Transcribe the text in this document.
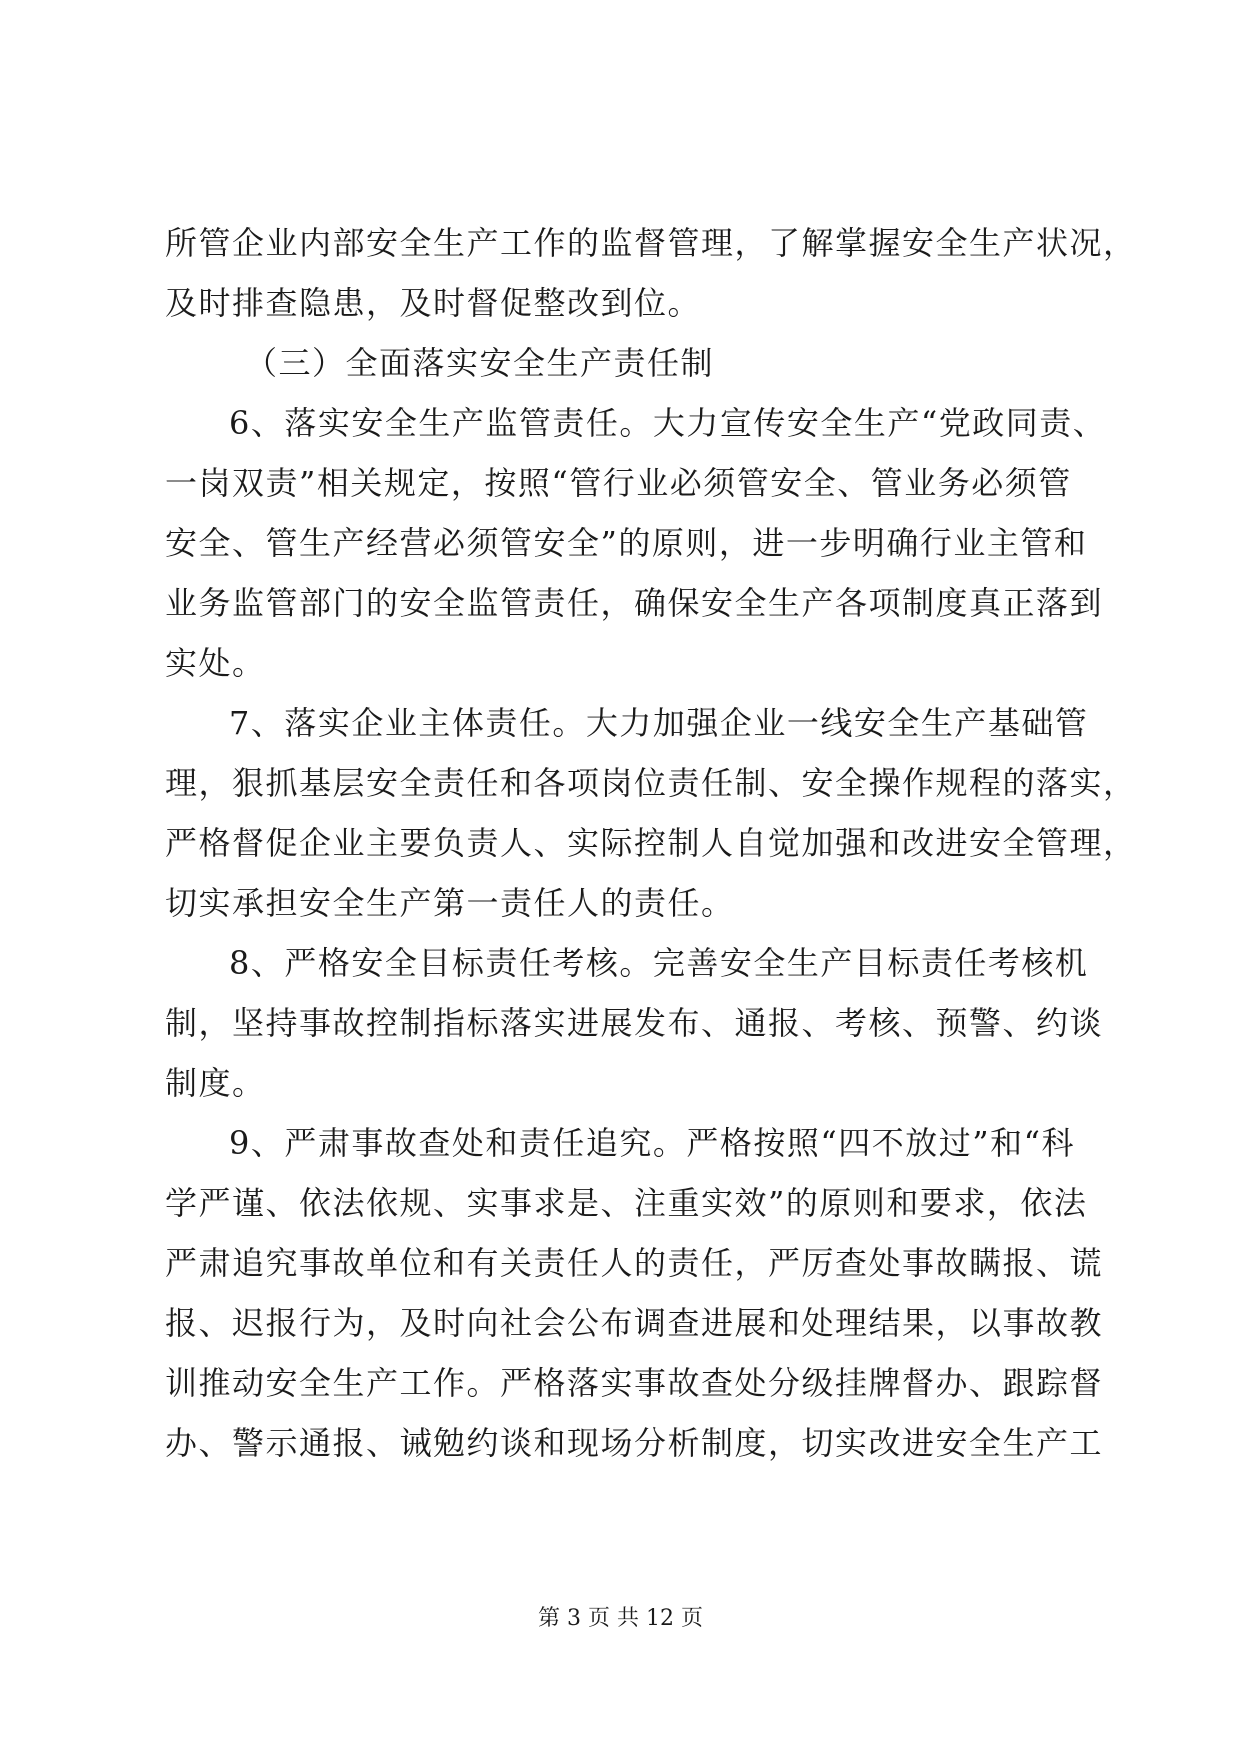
所管企业内部安全生产工作的监督管理，了解掌握安全生产状况，
及时排查隐患，及时督促整改到位。
（三）全面落实安全生产责任制
6、落实安全生产监管责任。大力宣传安全生产“党政同责、
一岗双责”相关规定，按照“管行业必须管安全、管业务必须管
安全、管生产经营必须管安全”的原则，进一步明确行业主管和
业务监管部门的安全监管责任，确保安全生产各项制度真正落到
实处。
7、落实企业主体责任。大力加强企业一线安全生产基础管
理，狠抓基层安全责任和各项岗位责任制、安全操作规程的落实，
严格督促企业主要负责人、实际控制人自觉加强和改进安全管理，
切实承担安全生产第一责任人的责任。
8、严格安全目标责任考核。完善安全生产目标责任考核机
制，坚持事故控制指标落实进展发布、通报、考核、预警、约谈
制度。
9、严肃事故查处和责任追究。严格按照“四不放过”和“科
学严谨、依法依规、实事求是、注重实效”的原则和要求，依法
严肃追究事故单位和有关责任人的责任，严厉查处事故瞒报、谎
报、迟报行为，及时向社会公布调查进展和处理结果，以事故教
训推动安全生产工作。严格落实事故查处分级挂牌督办、跟踪督
办、警示通报、诫勉约谈和现场分析制度，切实改进安全生产工
第 3 页 共 12 页
